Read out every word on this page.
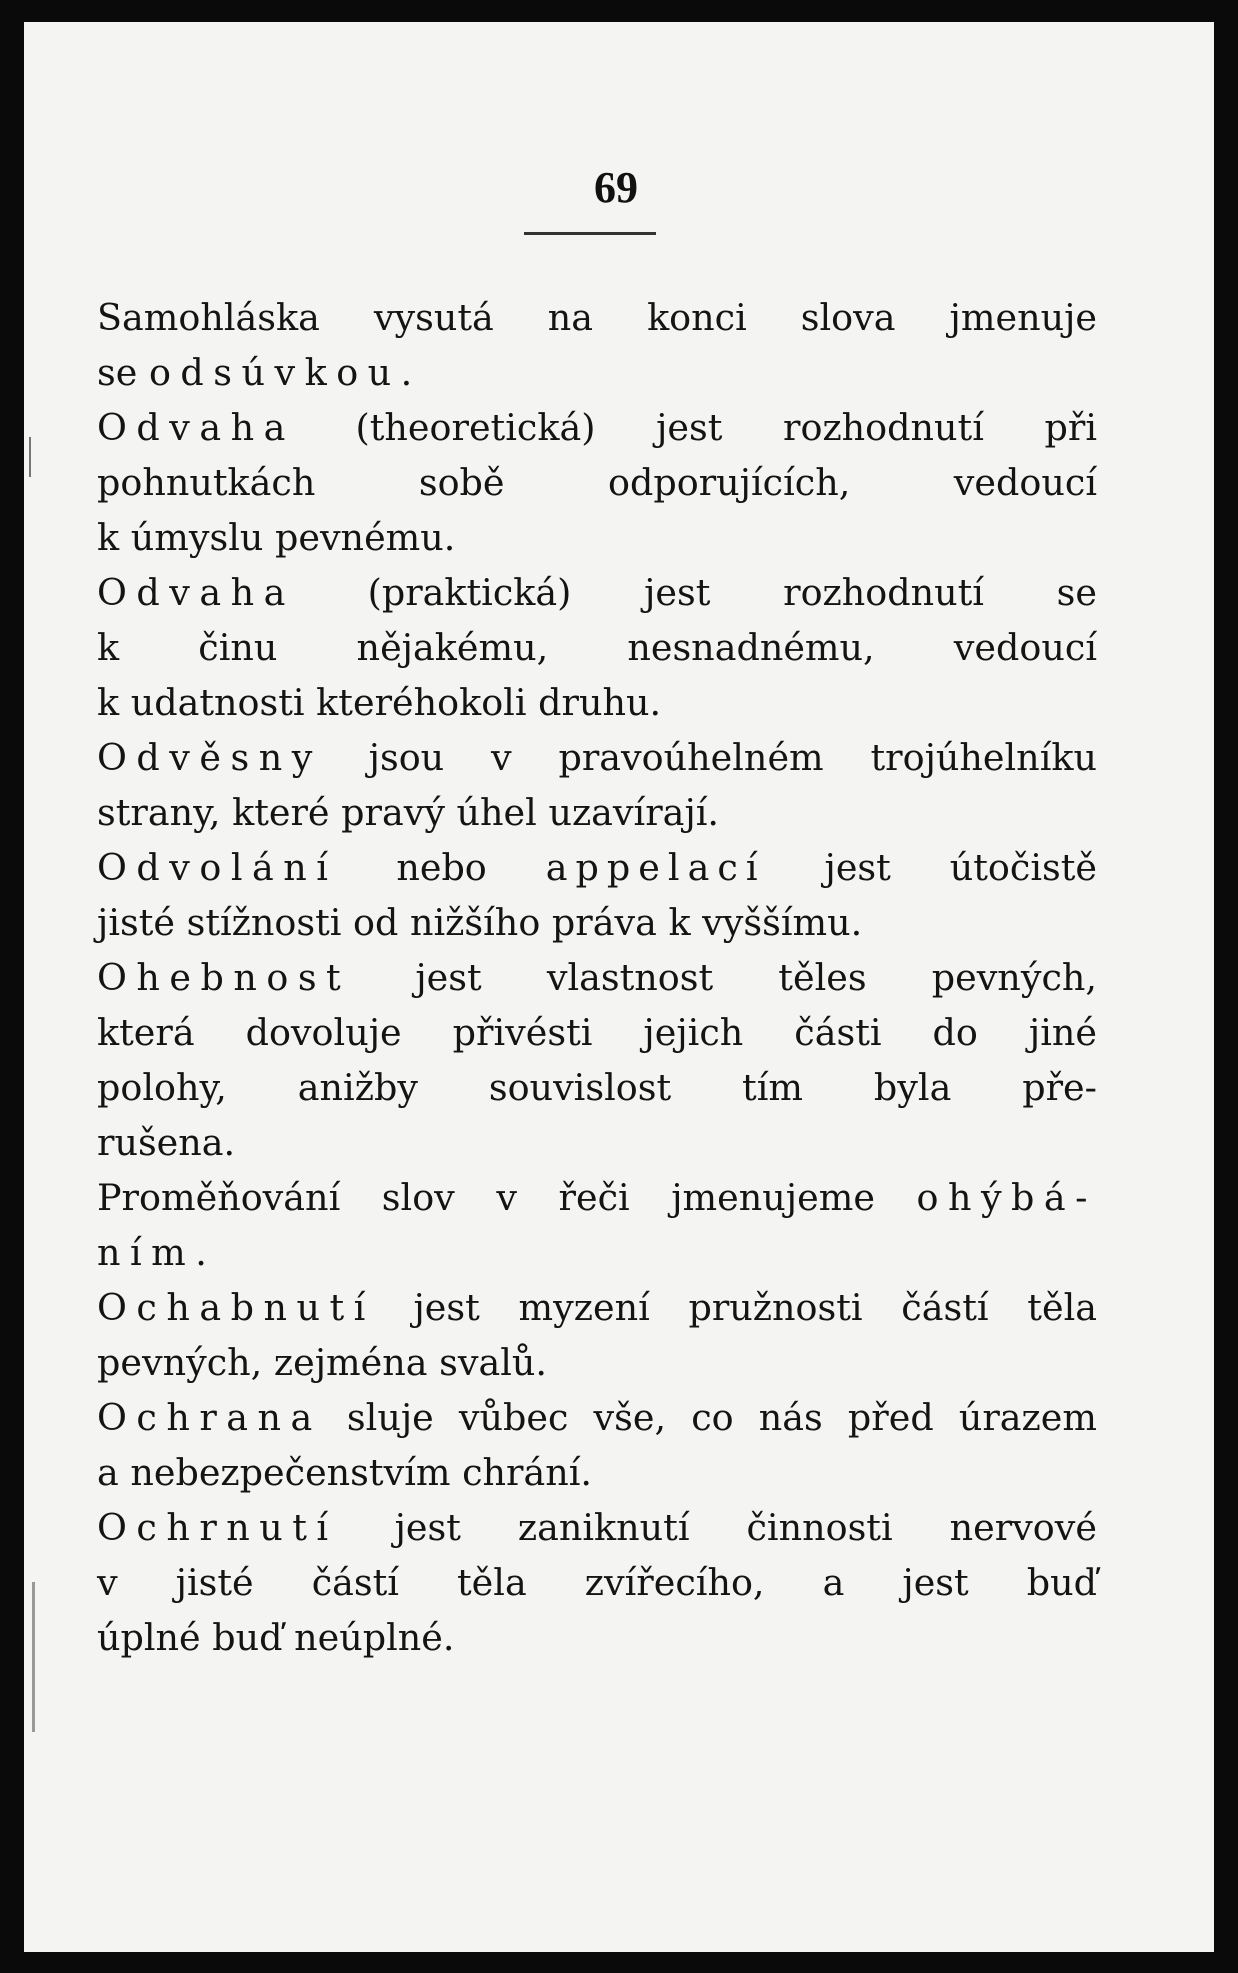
69
Samohláska vysutá na konci slova jmenuje
se odsúvkou.
Odvaha (theoretická) jest rozhodnutí při
pohnutkách sobě odporujících, vedoucí
k úmyslu pevnému.
Odvaha (praktická) jest rozhodnutí se
k činu nějakému, nesnadnému, vedoucí
k udatnosti kteréhokoli druhu.
Odvěsny jsou v pravoúhelném trojúhelníku
strany, které pravý úhel uzavírají.
Odvolání nebo appelací jest útočistě
jisté stížnosti od nižšího práva k vyššímu.
Ohebnost jest vlastnost těles pevných,
která dovoluje přivésti jejich části do jiné
polohy, anižby souvislost tím byla pře-
rušena.
Proměňování slov v řeči jmenujeme ohýbá-
ním.
Ochabnutí jest myzení pružnosti částí těla
pevných, zejména svalů.
Ochrana sluje vůbec vše, co nás před úrazem
a nebezpečenstvím chrání.
Ochrnutí jest zaniknutí činnosti nervové
v jisté částí těla zvířecího, a jest buď
úplné buď neúplné.
